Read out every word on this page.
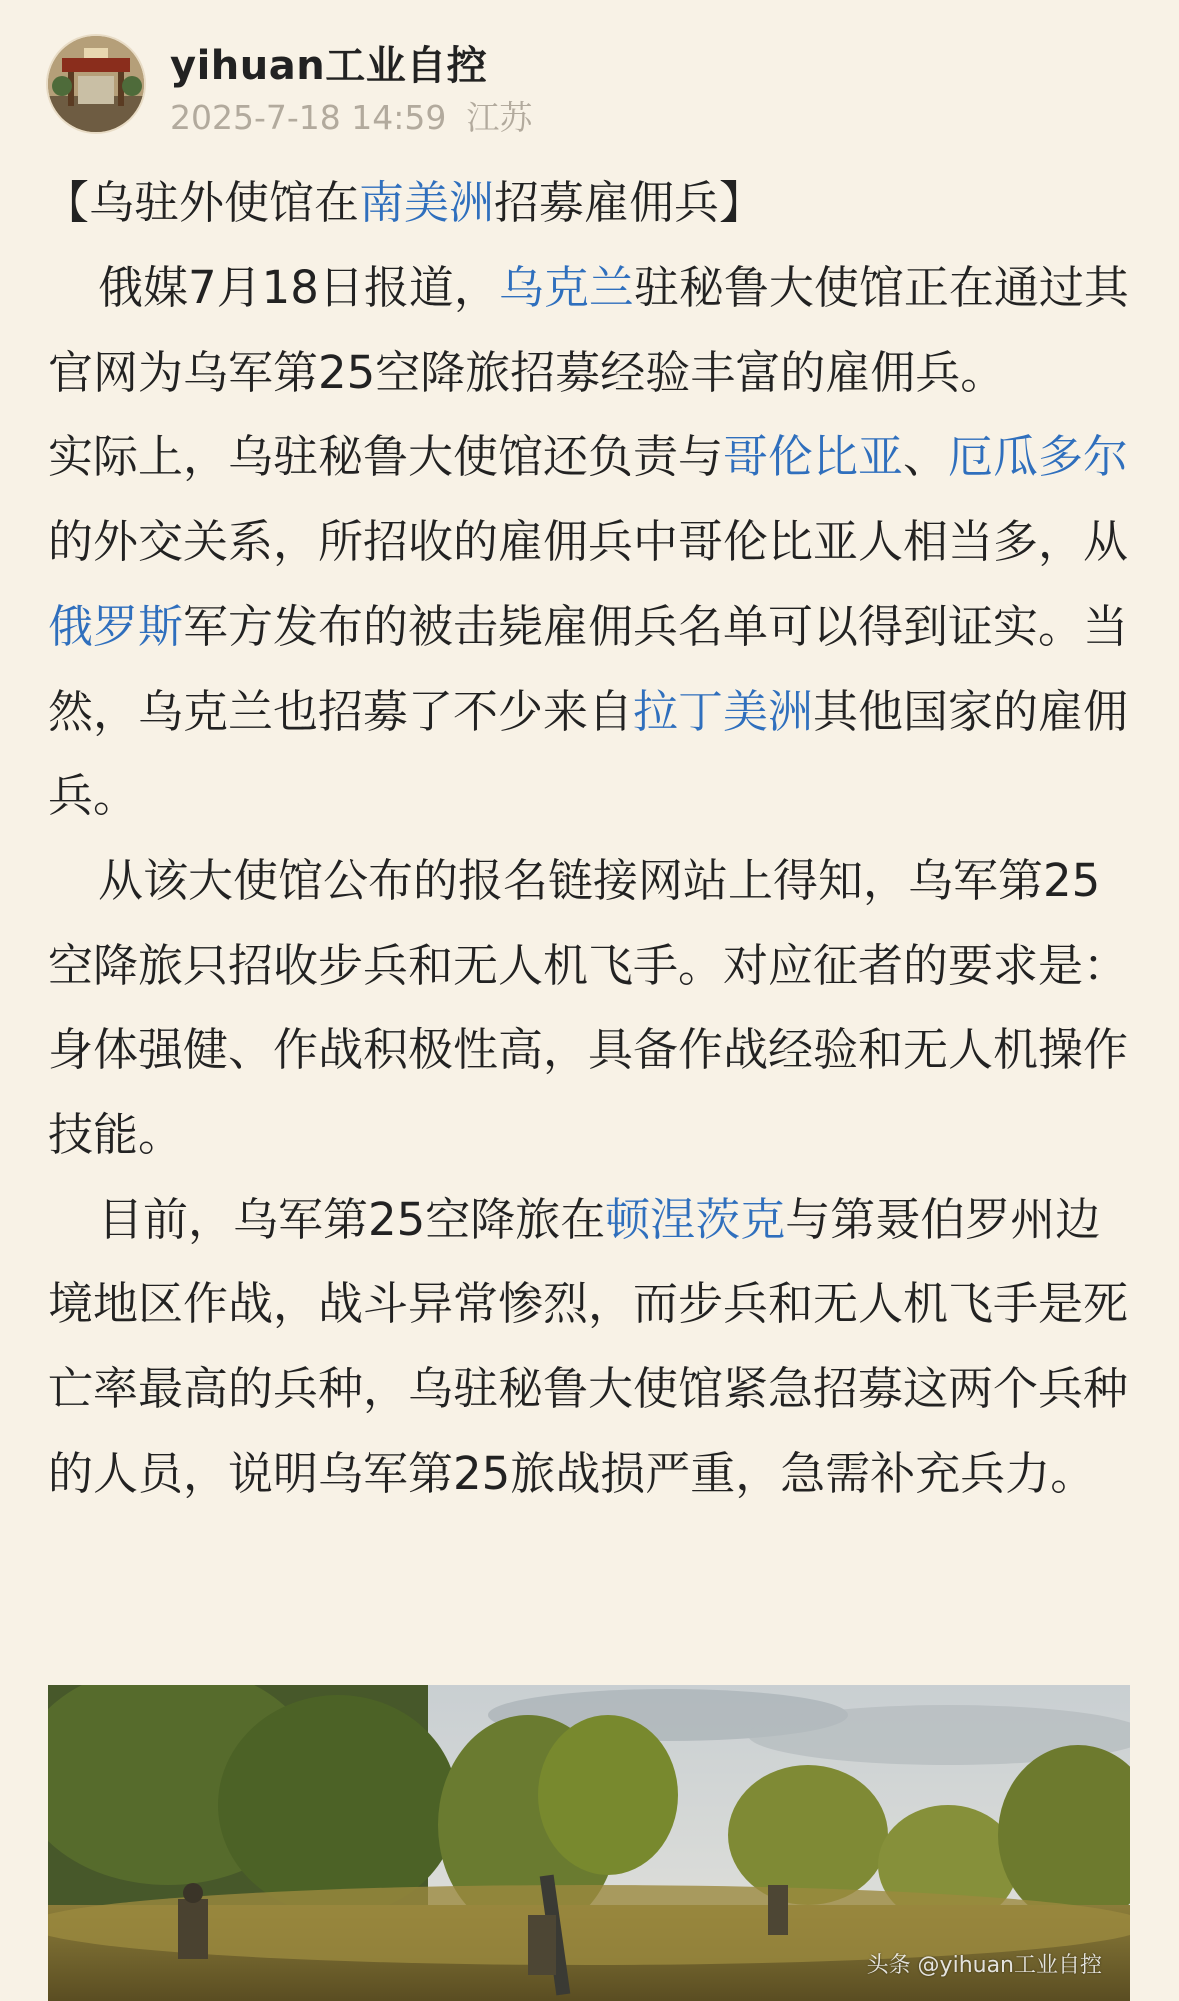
yihuan工业自控
2025-7-18 14:59 江苏
【乌驻外使馆在南美洲招募雇佣兵】

俄媒7月18日报道，乌克兰驻秘鲁大使馆正在通过其官网为乌军第25空降旅招募经验丰富的雇佣兵。

实际上，乌驻秘鲁大使馆还负责与哥伦比亚、厄瓜多尔的外交关系，所招收的雇佣兵中哥伦比亚人相当多，从俄罗斯军方发布的被击毙雇佣兵名单可以得到证实。当然，乌克兰也招募了不少来自拉丁美洲其他国家的雇佣兵。

从该大使馆公布的报名链接网站上得知，乌军第25空降旅只招收步兵和无人机飞手。对应征者的要求是：身体强健、作战积极性高，具备作战经验和无人机操作技能。

目前，乌军第25空降旅在顿涅茨克与第聂伯罗州边境地区作战，战斗异常惨烈，而步兵和无人机飞手是死亡率最高的兵种，乌驻秘鲁大使馆紧急招募这两个兵种的人员，说明乌军第25旅战损严重，急需补充兵力。

头条 @yihuan工业自控
